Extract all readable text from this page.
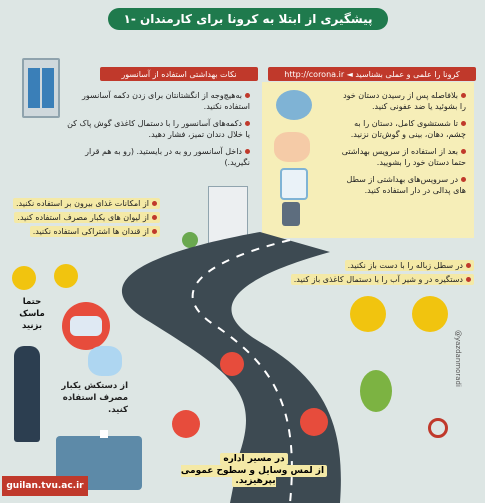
پیشگیری از ابتلا به کرونا برای کارمندان -۱
کرونا را علمی و عملی بشناسید ◄ http://corona.ir
نکات بهداشتی استفاده از آسانسور
بلافاصله پس از رسیدن دستان خود را بشوئید یا ضد عفونی کنید.
تا شستشوی کامل، دستان را به چشم، دهان، بینی و گوش‌تان نزنید.
بعد از استفاده از سرویس بهداشتی حتما دستان خود را بشویید.
در سرویس‌های بهداشتی از سطل های پدالی در دار استفاده کنید.
به‌هیچ‌وجه از انگشتانتان برای زدن دکمه آسانسور استفاده نکنید.
دکمه‌های آسانسور را با دستمال کاغذی گوش پاک کن یا خلال دندان تمیز، فشار دهید.
داخل آسانسور رو به در بایستید. (رو به هم قرار نگیرید.)
از امکانات غذای بیرون بر استفاده نکنید.
از لیوان های یکبار مصرف استفاده کنید.
از قندان ها اشتراکی استفاده نکنید.
در سطل زباله را با دست باز نکنید.
دستگیره در و شیر آب را با دستمال کاغذی باز کنید.
حتما ماسک بزنید
از دستکش یکبار مصرف استفاده کنید.
در مسیر اداره
از لمس وسایل و سطوح عمومی بپرهیزید.
guilan.tvu.ac.ir
@yazdanmoradi
